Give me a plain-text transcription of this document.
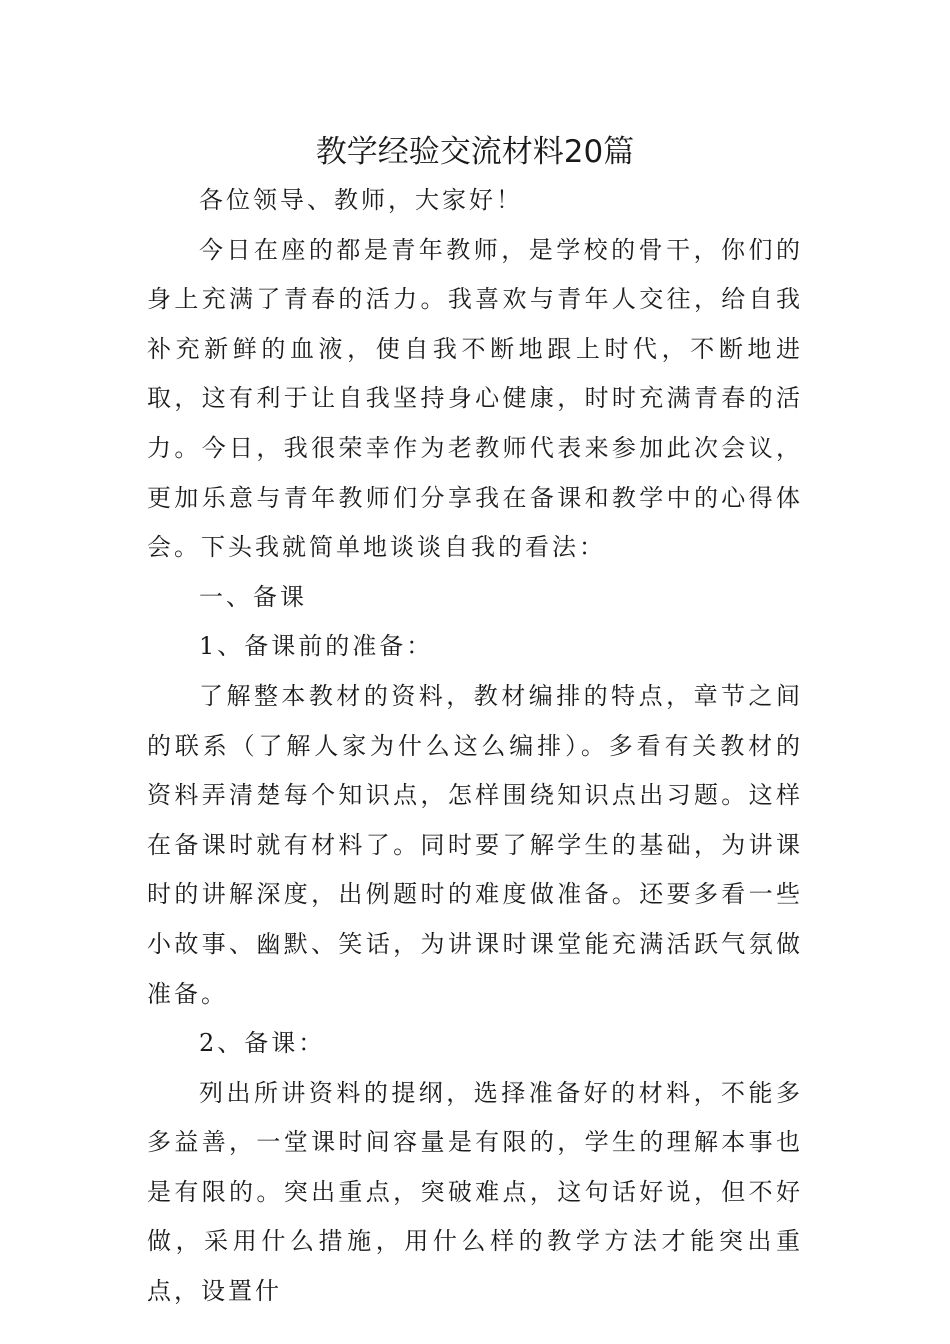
教学经验交流材料20篇

各位领导、教师，大家好！

今日在座的都是青年教师，是学校的骨干，你们的身上充满了青春的活力。我喜欢与青年人交往，给自我补充新鲜的血液，使自我不断地跟上时代，不断地进取，这有利于让自我坚持身心健康，时时充满青春的活力。今日，我很荣幸作为老教师代表来参加此次会议，更加乐意与青年教师们分享我在备课和教学中的心得体会。下头我就简单地谈谈自我的看法：

一、备课

1、备课前的准备：

了解整本教材的资料，教材编排的特点，章节之间的联系（了解人家为什么这么编排）。多看有关教材的资料弄清楚每个知识点，怎样围绕知识点出习题。这样在备课时就有材料了。同时要了解学生的基础，为讲课时的讲解深度，出例题时的难度做准备。还要多看一些小故事、幽默、笑话，为讲课时课堂能充满活跃气氛做准备。

2、备课：

列出所讲资料的提纲，选择准备好的材料，不能多多益善，一堂课时间容量是有限的，学生的理解本事也是有限的。突出重点，突破难点，这句话好说，但不好做，采用什么措施，用什么样的教学方法才能突出重点，设置什
